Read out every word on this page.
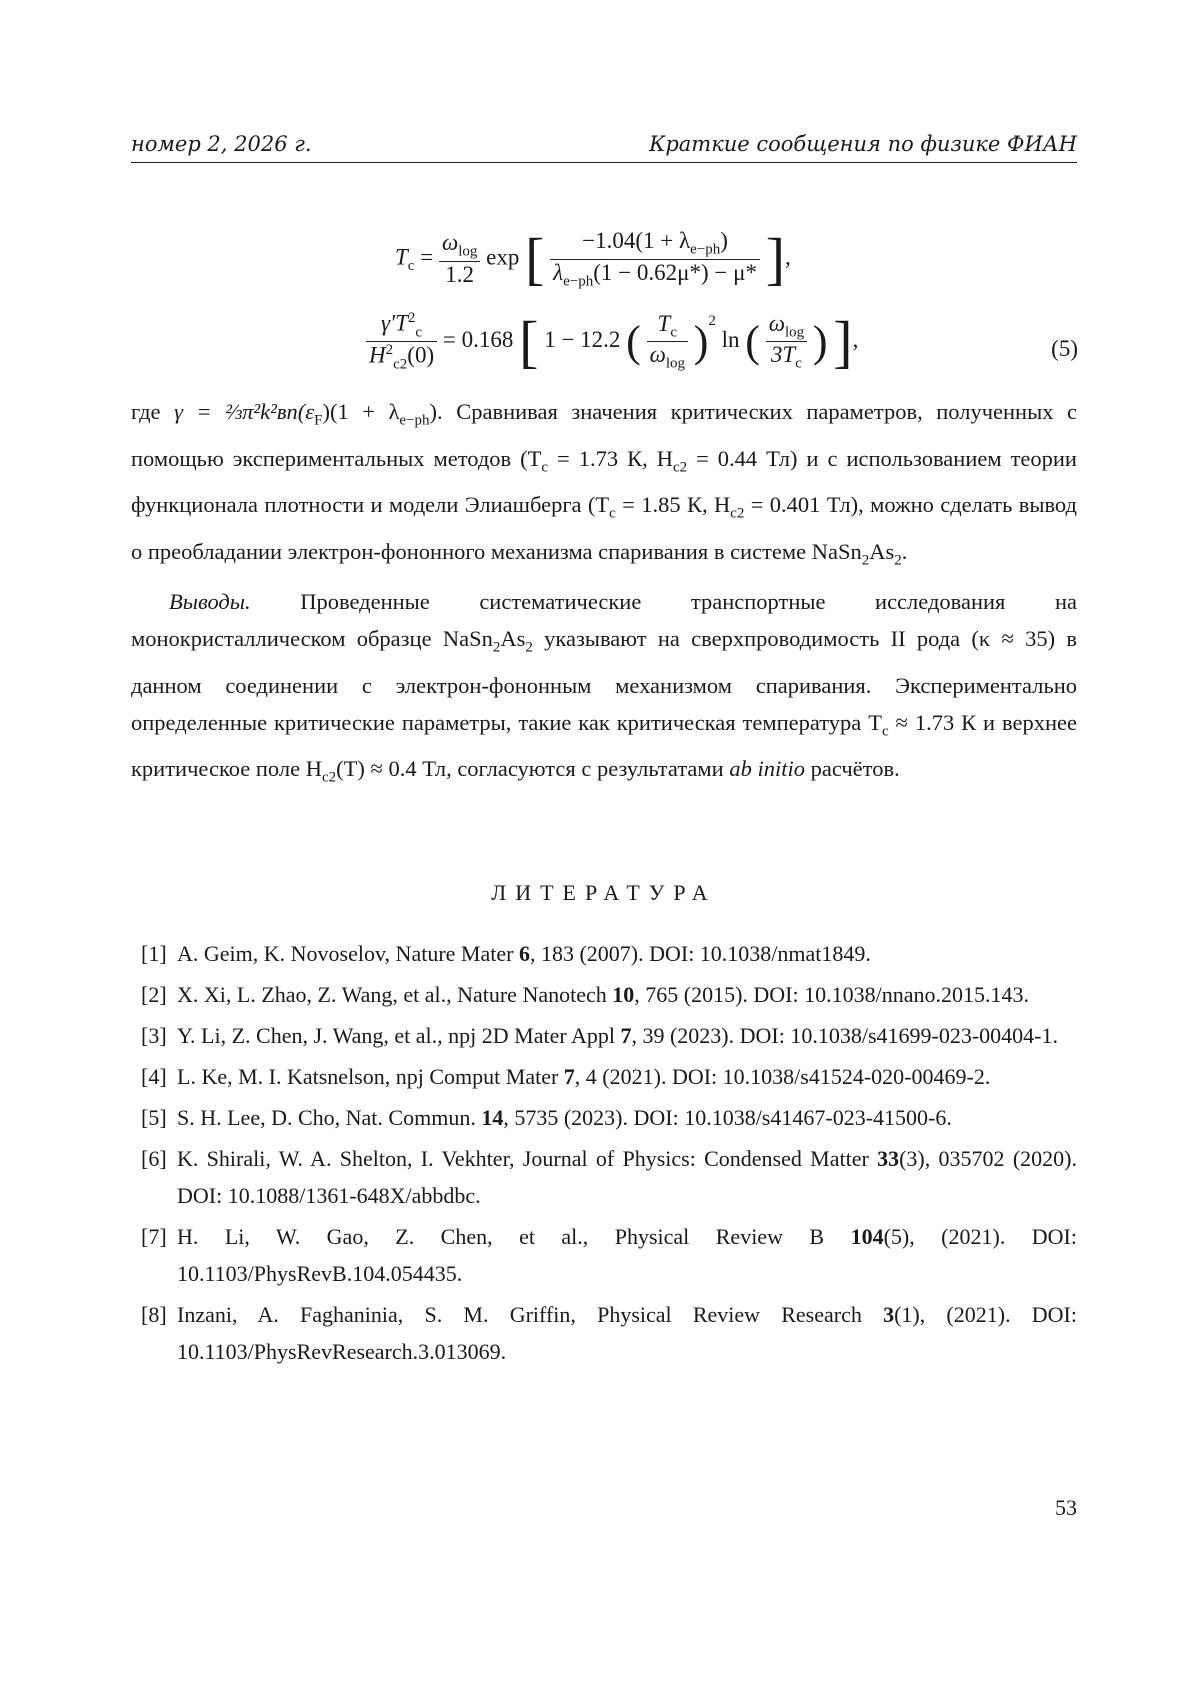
номер 2, 2026 г.	Краткие сообщения по физике ФИАН
$T_c = \frac{\omega_{log}}{1.2}$ exp [ $\frac{-1.04(1 + \lambda_{e-ph})}{\lambda_{e-ph}(1 - 0.62\mu*) - \mu*}$ ],
$\frac{\gamma'T^2_c}{H^2_{c2}(0)} = 0.168$ [ 1 − 12.2 ( $\frac{T_c}{\omega_{log}} )^2$ ln ( $\frac{\omega_{log}}{3T_c}$ ) ],	(5)

где $\gamma = \frac{2}{3}\pi^2k^2ʙn(\varepsilon_F)(1 + \lambda_{e-ph})$. Сравнивая значения критических параметров, полученных с помощью экспериментальных методов ($T_c = 1.73$ К, $H_{c2} = 0.44$ Тл) и с использованием теории функционала плотности и модели Элиашберга ($T_c = 1.85$ К, $H_{c2} = 0.401$ Тл), можно сделать вывод о преобладании электрон-фононного механизма спаривания в системе $NaSn_2As_2$.

Выводы. Проведенные систематические транспортные исследования на монокристаллическом образце $NaSn_2As_2$ указывают на сверхпроводимость II рода (κ ≈ 35) в данном соединении с электрон-фононным механизмом спаривания. Экспериментально определенные критические параметры, такие как критическая температура $T_c \approx 1.73$ К и верхнее критическое поле $H_{c2}(T) \approx 0.4$ Тл, согласуются с результатами ab initio расчётов.

ЛИТЕРАТУРА
[1] A. Geim, K. Novoselov, Nature Mater 6, 183 (2007). DOI: 10.1038/nmat1849.
[2] X. Xi, L. Zhao, Z. Wang, et al., Nature Nanotech 10, 765 (2015). DOI: 10.1038/nnano.2015.143.
[3] Y. Li, Z. Chen, J. Wang, et al., npj 2D Mater Appl 7, 39 (2023). DOI: 10.1038/s41699-023-00404-1.
[4] L. Ke, M. I. Katsnelson, npj Comput Mater 7, 4 (2021). DOI: 10.1038/s41524-020-00469-2.
[5] S. H. Lee, D. Cho, Nat. Commun. 14, 5735 (2023). DOI: 10.1038/s41467-023-41500-6.
[6] K. Shirali, W. A. Shelton, I. Vekhter, Journal of Physics: Condensed Matter 33(3), 035702 (2020). DOI: 10.1088/1361-648X/abbdbc.
[7] H. Li, W. Gao, Z. Chen, et al., Physical Review B 104(5), (2021). DOI: 10.1103/PhysRevB.104.054435.
[8] Inzani, A. Faghaninia, S. M. Griffin, Physical Review Research 3(1), (2021). DOI: 10.1103/PhysRevResearch.3.013069.
53
